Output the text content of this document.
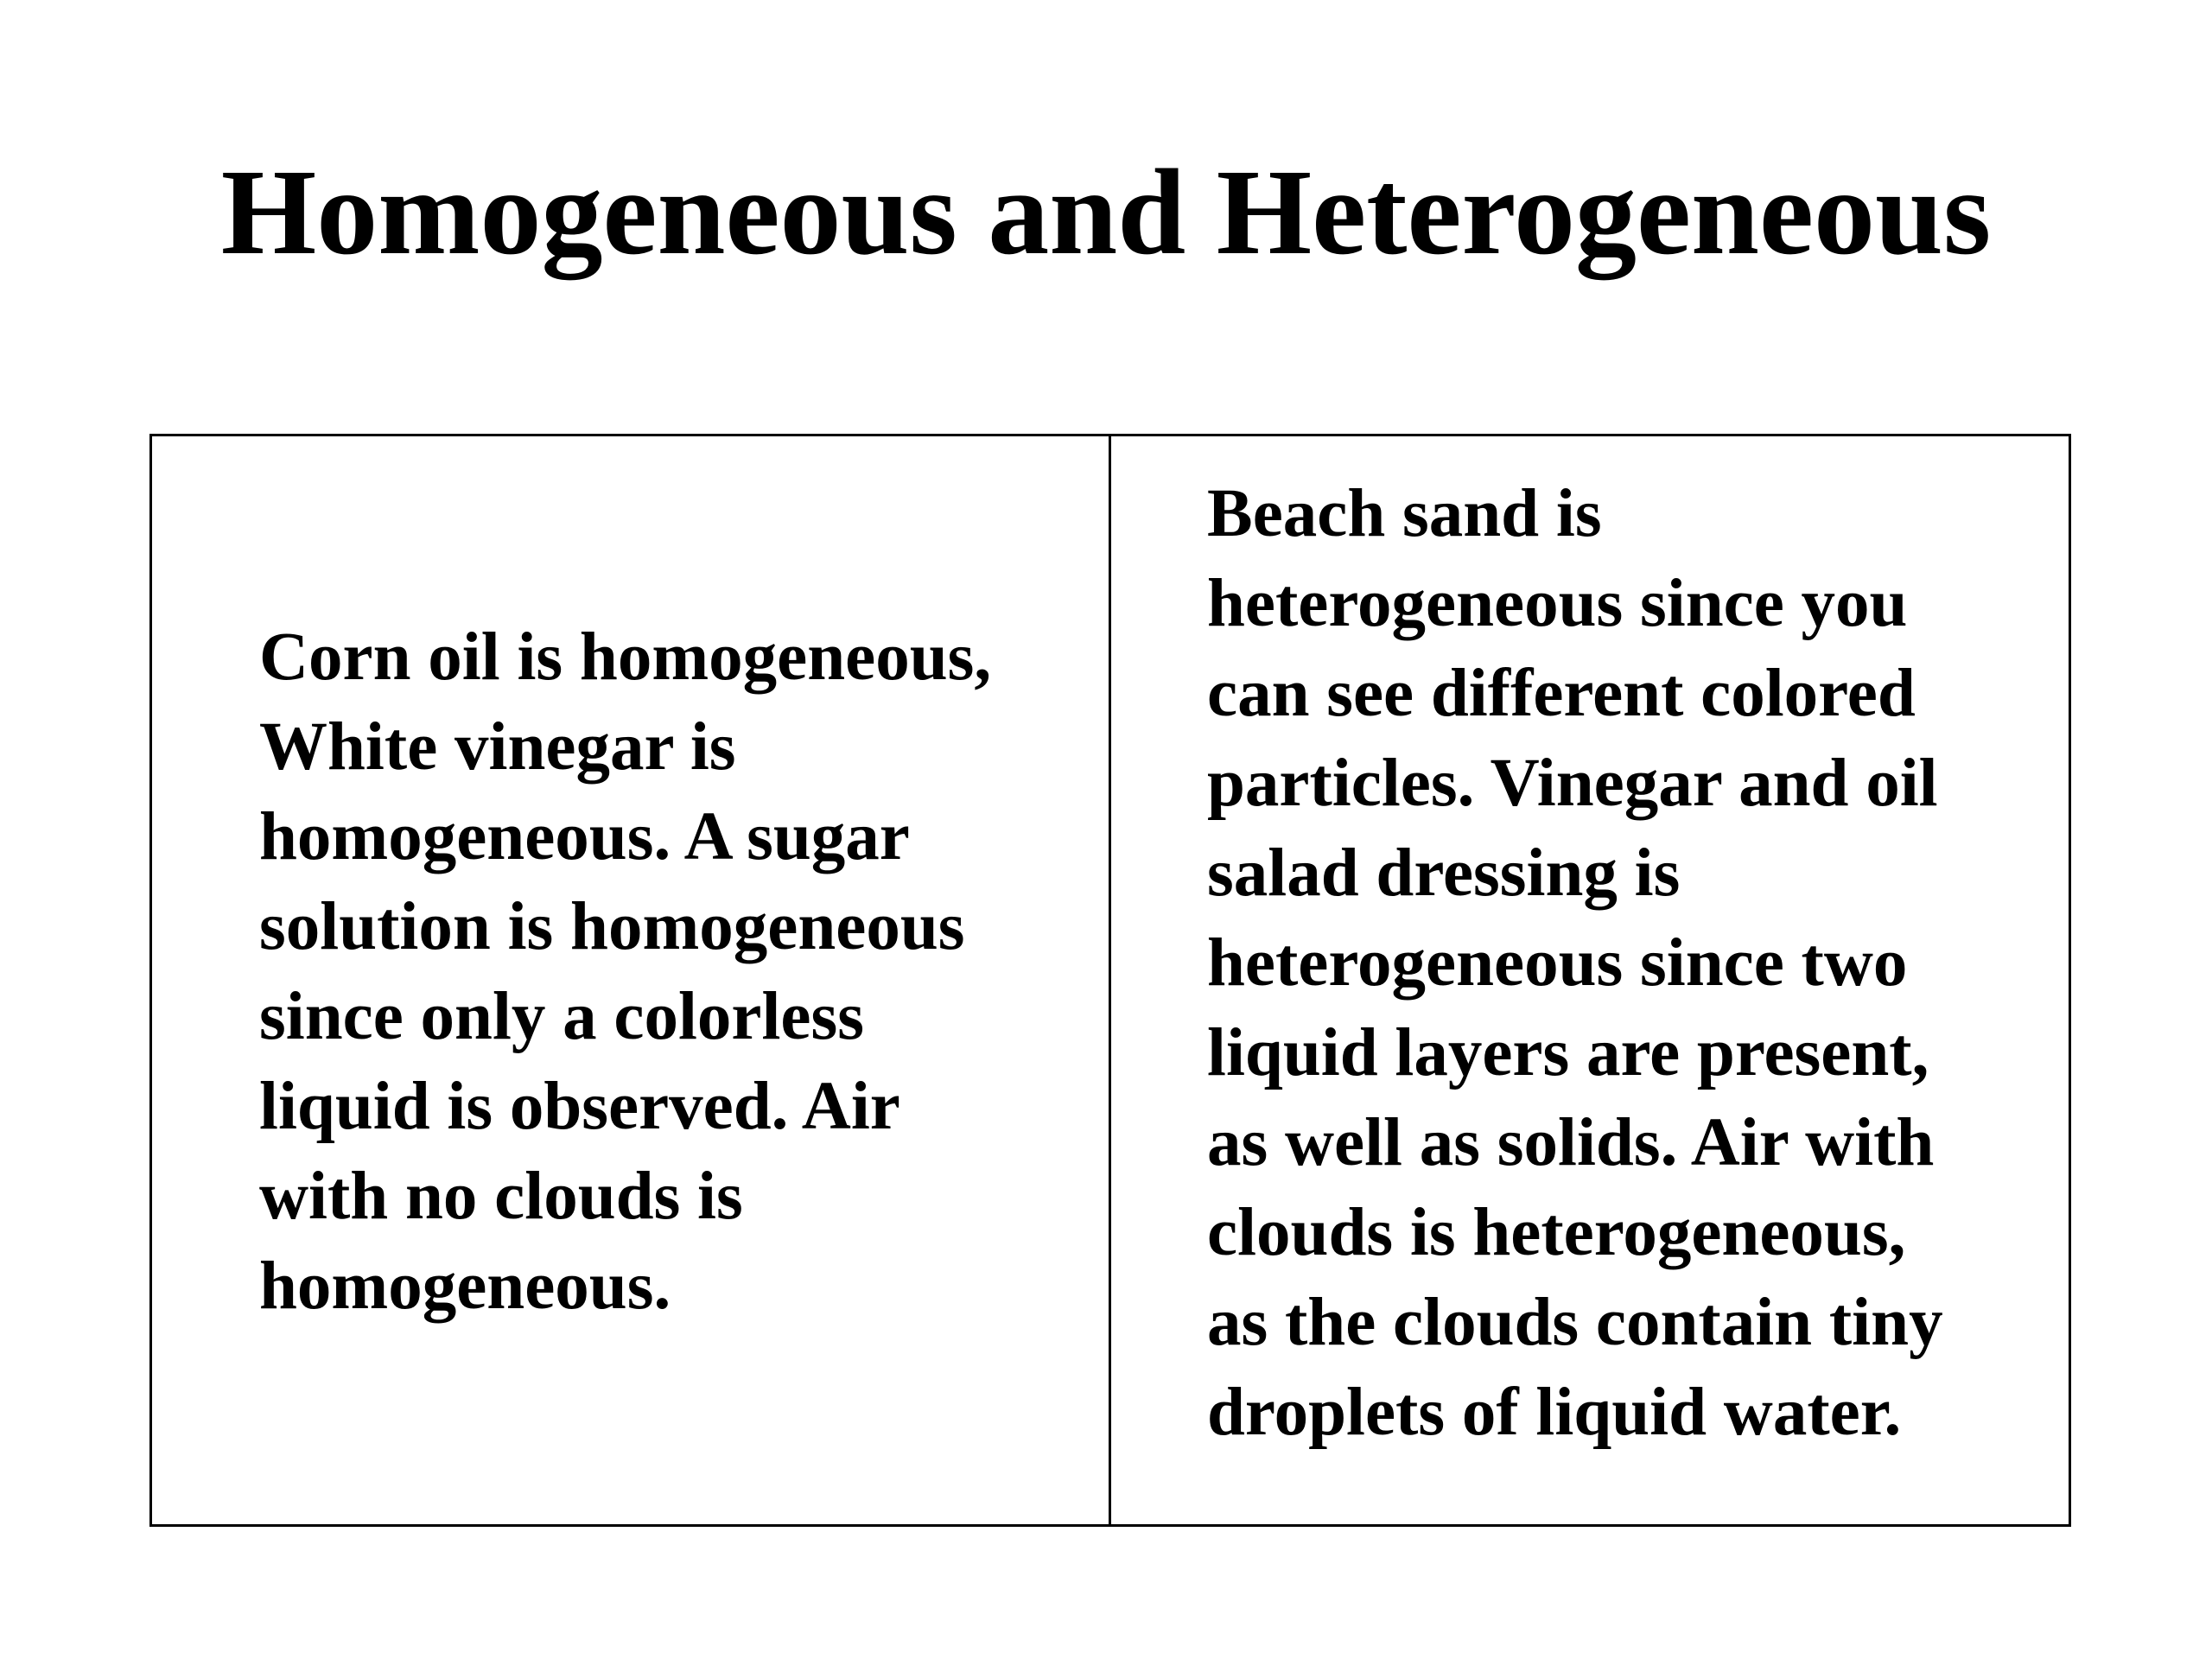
Homogeneous and Heterogeneous

Corn oil is homogeneous,
White vinegar is
homogeneous. A sugar
solution is homogeneous
since only a colorless
liquid is observed. Air
with no clouds is
homogeneous.

Beach sand is
heterogeneous since you
can see different colored
particles. Vinegar and oil
salad dressing is
heterogeneous since two
liquid layers are present,
as well as solids. Air with
clouds is heterogeneous,
as the clouds contain tiny
droplets of liquid water.
